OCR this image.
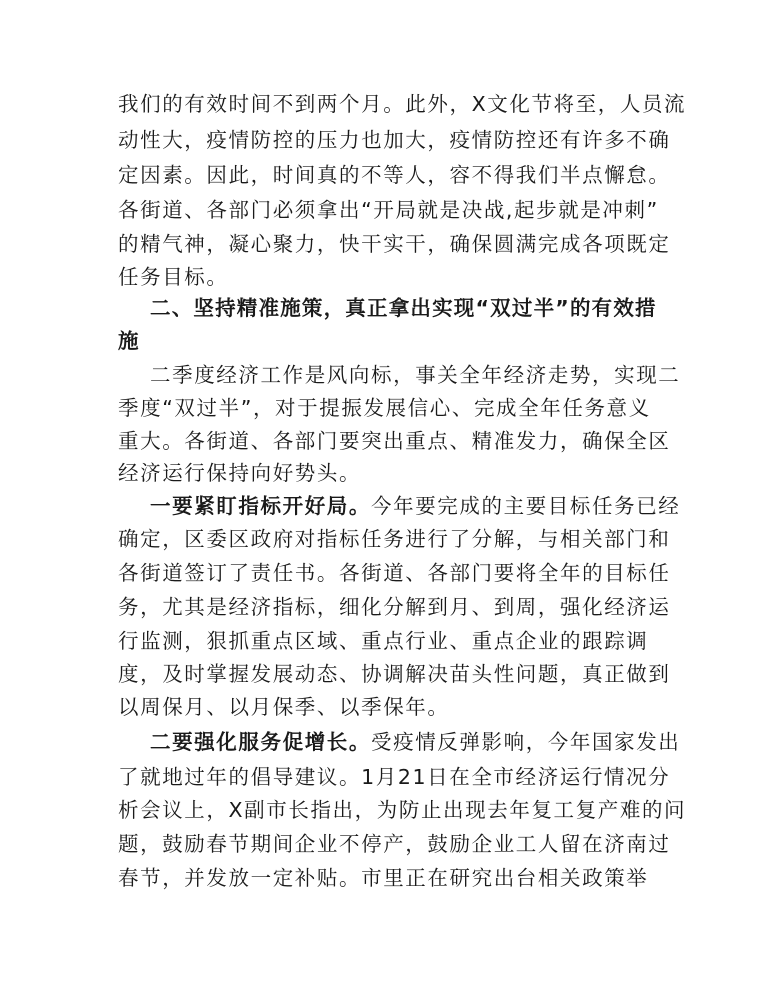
我们的有效时间不到两个月。此外，X文化节将至，人员流
动性大，疫情防控的压力也加大，疫情防控还有许多不确
定因素。因此，时间真的不等人，容不得我们半点懈怠。
各街道、各部门必须拿出“开局就是决战,起步就是冲刺”
的精气神，凝心聚力，快干实干，确保圆满完成各项既定
任务目标。
二、坚持精准施策，真正拿出实现“双过半”的有效措
施
二季度经济工作是风向标，事关全年经济走势，实现二
季度“双过半”，对于提振发展信心、完成全年任务意义
重大。各街道、各部门要突出重点、精准发力，确保全区
经济运行保持向好势头。
一要紧盯指标开好局。今年要完成的主要目标任务已经
确定，区委区政府对指标任务进行了分解，与相关部门和
各街道签订了责任书。各街道、各部门要将全年的目标任
务，尤其是经济指标，细化分解到月、到周，强化经济运
行监测，狠抓重点区域、重点行业、重点企业的跟踪调
度，及时掌握发展动态、协调解决苗头性问题，真正做到
以周保月、以月保季、以季保年。
二要强化服务促增长。受疫情反弹影响，今年国家发出
了就地过年的倡导建议。1月21日在全市经济运行情况分
析会议上，X副市长指出，为防止出现去年复工复产难的问
题，鼓励春节期间企业不停产，鼓励企业工人留在济南过
春节，并发放一定补贴。市里正在研究出台相关政策举
